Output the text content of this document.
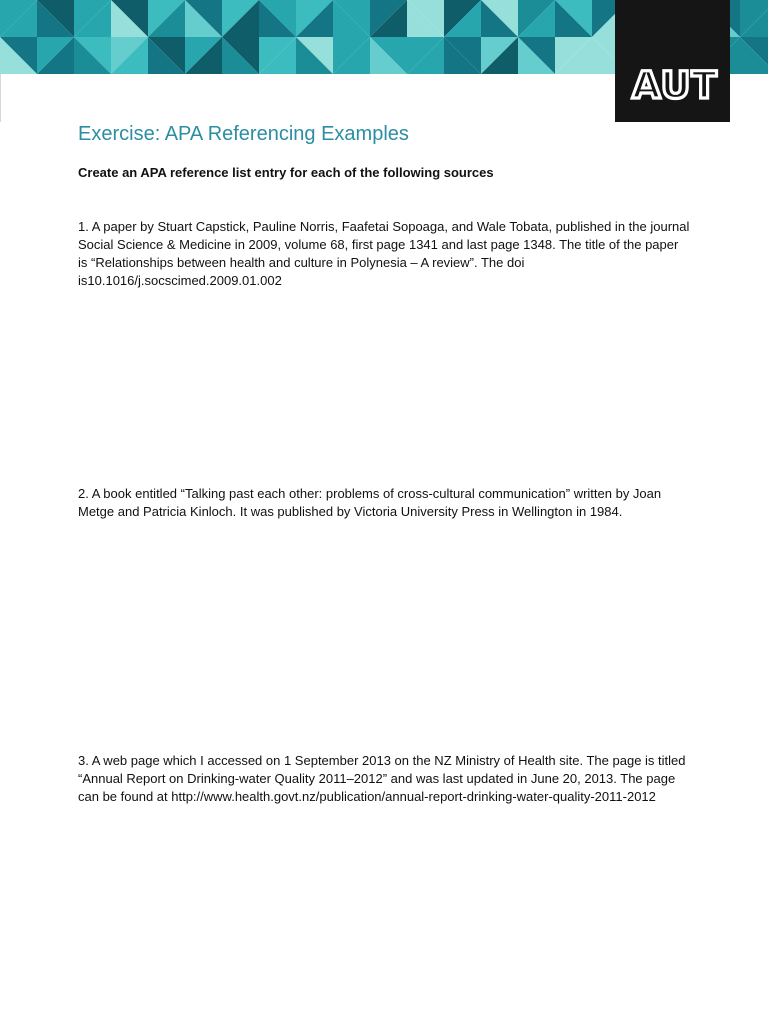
AUT
Exercise: APA Referencing Examples

Create an APA reference list entry for each of the following sources

1. A paper by Stuart Capstick, Pauline Norris, Faafetai Sopoaga, and Wale Tobata, published in the journal Social Science & Medicine in 2009, volume 68, first page 1341 and last page 1348. The title of the paper is “Relationships between health and culture in Polynesia – A review”. The doi is10.1016/j.socscimed.2009.01.002

2. A book entitled “Talking past each other: problems of cross-cultural communication” written by Joan Metge and Patricia Kinloch. It was published by Victoria University Press in Wellington in 1984.

3. A web page which I accessed on 1 September 2013 on the NZ Ministry of Health site. The page is titled “Annual Report on Drinking-water Quality 2011–2012” and was last updated in June 20, 2013. The page can be found at http://www.health.govt.nz/publication/annual-report-drinking-water-quality-2011-2012
